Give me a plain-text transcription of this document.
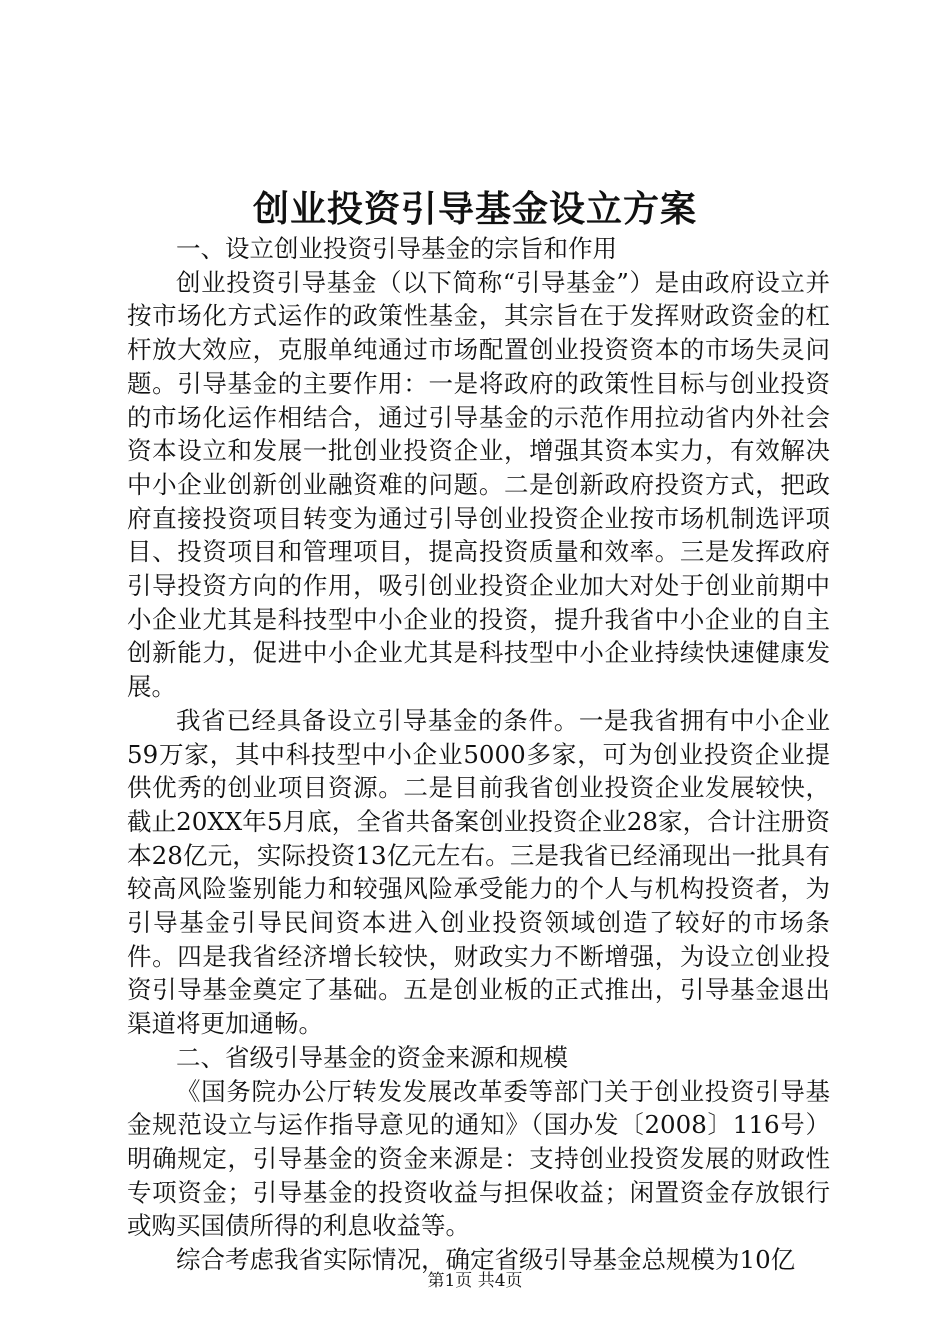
创业投资引导基金设立方案

一、设立创业投资引导基金的宗旨和作用

创业投资引导基金（以下简称“引导基金”）是由政府设立并按市场化方式运作的政策性基金，其宗旨在于发挥财政资金的杠杆放大效应，克服单纯通过市场配置创业投资资本的市场失灵问题。引导基金的主要作用：一是将政府的政策性目标与创业投资的市场化运作相结合，通过引导基金的示范作用拉动省内外社会资本设立和发展一批创业投资企业，增强其资本实力，有效解决中小企业创新创业融资难的问题。二是创新政府投资方式，把政府直接投资项目转变为通过引导创业投资企业按市场机制选评项目、投资项目和管理项目，提高投资质量和效率。三是发挥政府引导投资方向的作用，吸引创业投资企业加大对处于创业前期中小企业尤其是科技型中小企业的投资，提升我省中小企业的自主创新能力，促进中小企业尤其是科技型中小企业持续快速健康发展。

我省已经具备设立引导基金的条件。一是我省拥有中小企业59万家，其中科技型中小企业5000多家，可为创业投资企业提供优秀的创业项目资源。二是目前我省创业投资企业发展较快，截止20XX年5月底，全省共备案创业投资企业28家，合计注册资本28亿元，实际投资13亿元左右。三是我省已经涌现出一批具有较高风险鉴别能力和较强风险承受能力的个人与机构投资者，为引导基金引导民间资本进入创业投资领域创造了较好的市场条件。四是我省经济增长较快，财政实力不断增强，为设立创业投资引导基金奠定了基础。五是创业板的正式推出，引导基金退出渠道将更加通畅。

二、省级引导基金的资金来源和规模

《国务院办公厅转发发展改革委等部门关于创业投资引导基金规范设立与运作指导意见的通知》（国办发〔2008〕116号）明确规定，引导基金的资金来源是：支持创业投资发展的财政性专项资金；引导基金的投资收益与担保收益；闲置资金存放银行或购买国债所得的利息收益等。

综合考虑我省实际情况，确定省级引导基金总规模为10亿

第1页 共4页
